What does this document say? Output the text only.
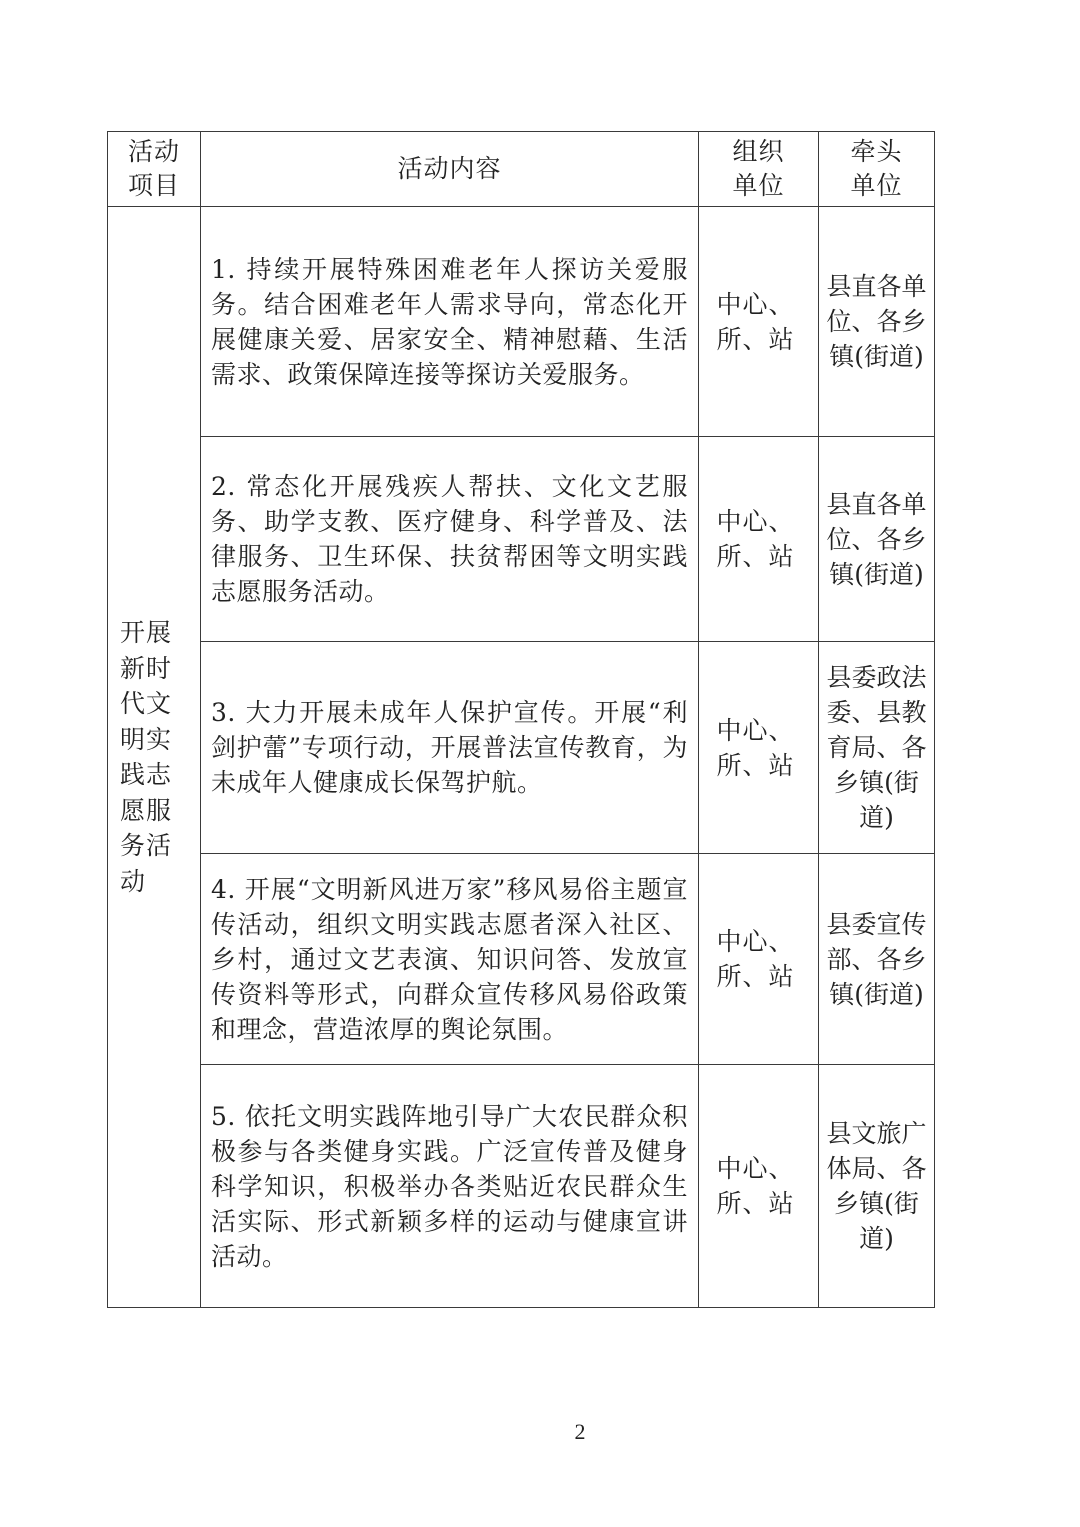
活动项目	活动内容	组织单位	牵头单位

开展新时代文明实践志愿服务活动	1. 持续开展特殊困难老年人探访关爱服务。结合困难老年人需求导向，常态化开展健康关爱、居家安全、精神慰藉、生活需求、政策保障连接等探访关爱服务。	中心、所、站	县直各单位、各乡镇(街道)

	2. 常态化开展残疾人帮扶、文化文艺服务、助学支教、医疗健身、科学普及、法律服务、卫生环保、扶贫帮困等文明实践志愿服务活动。	中心、所、站	县直各单位、各乡镇(街道)

	3. 大力开展未成年人保护宣传。开展“利剑护蕾”专项行动，开展普法宣传教育，为未成年人健康成长保驾护航。	中心、所、站	县委政法委、县教育局、各乡镇(街道)

	4. 开展“文明新风进万家”移风易俗主题宣传活动，组织文明实践志愿者深入社区、乡村，通过文艺表演、知识问答、发放宣传资料等形式，向群众宣传移风易俗政策和理念，营造浓厚的舆论氛围。	中心、所、站	县委宣传部、各乡镇(街道)

	5. 依托文明实践阵地引导广大农民群众积极参与各类健身实践。广泛宣传普及健身科学知识，积极举办各类贴近农民群众生活实际、形式新颖多样的运动与健康宣讲活动。	中心、所、站	县文旅广体局、各乡镇(街道)
2
